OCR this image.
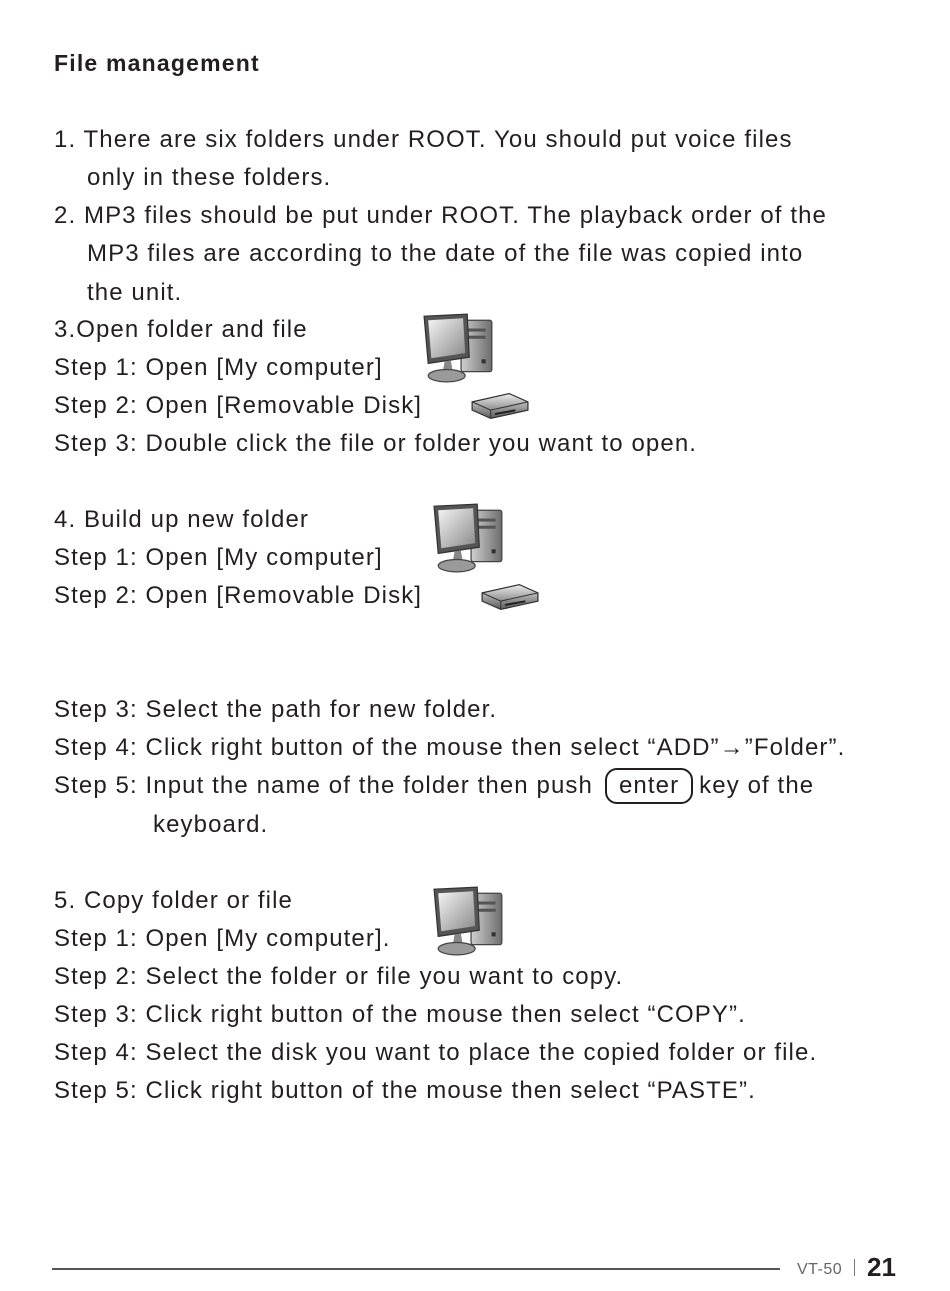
File management
1. There are six folders under ROOT. You should put voice files
only in these folders.
2. MP3 files should be put under ROOT. The playback order of the
MP3 files are according to the date of the file was copied into
the unit.
3.Open folder and file
Step 1: Open [My computer]
Step 2: Open [Removable Disk]
Step 3: Double click the file or folder you want to open.
4. Build up new folder
Step 1: Open [My computer]
Step 2: Open [Removable Disk]
Step 3: Select the path for new folder.
Step 4: Click right button of the mouse then select “ADD”→”Folder”.
Step 5: Input the name of the folder then push enter key of the
keyboard.
5. Copy folder or file
Step 1: Open [My computer].
Step 2: Select the folder or file you want to copy.
Step 3: Click right button of the mouse then select “COPY”.
Step 4: Select the disk you want to place the copied folder or file.
Step 5: Click right button of the mouse then select “PASTE”.
VT-50 21
